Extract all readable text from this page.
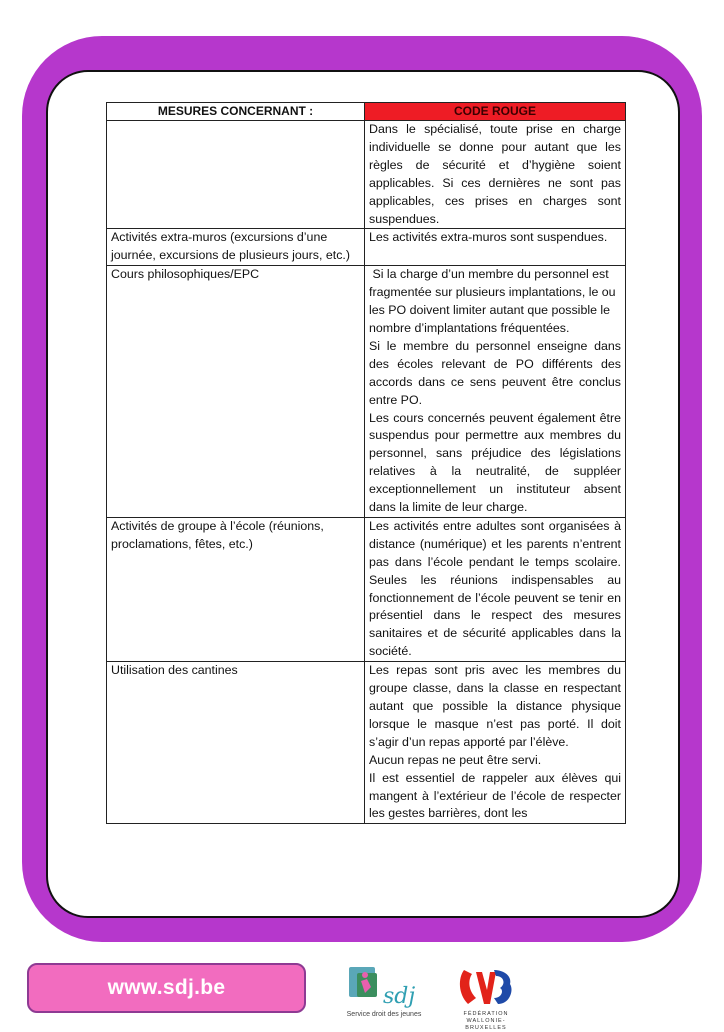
MESURES CONCERNANT :	CODE ROUGE

	Dans le spécialisé, toute prise en charge individuelle se donne pour autant que les règles de sécurité et d’hygiène soient applicables. Si ces dernières ne sont pas applicables, ces prises en charges sont suspendues.

Activités extra-muros (excursions d’une journée, excursions de plusieurs jours, etc.)	Les activités extra-muros sont suspendues.

Cours philosophiques/EPC	Si la charge d’un membre du personnel est fragmentée sur plusieurs implantations, le ou les PO doivent limiter autant que possible le nombre d’implantations fréquentées.

Si le membre du personnel enseigne dans des écoles relevant de PO différents des accords dans ce sens peuvent être conclus entre PO.

Les cours concernés peuvent également être suspendus pour permettre aux membres du personnel, sans préjudice des législations relatives à la neutralité, de suppléer exceptionnellement un instituteur absent dans la limite de leur charge.

Activités de groupe à l’école (réunions, proclamations, fêtes, etc.)	Les activités entre adultes sont organisées à distance (numérique) et les parents n’entrent pas dans l’école pendant le temps scolaire. Seules les réunions indispensables au fonctionnement de l’école peuvent se tenir en présentiel dans le respect des mesures sanitaires et de sécurité applicables dans la société.

Utilisation des cantines	Les repas sont pris avec les membres du groupe classe, dans la classe en respectant autant que possible la distance physique lorsque le masque n’est pas porté. Il doit s’agir d’un repas apporté par l’élève.

Aucun repas ne peut être servi.

Il est essentiel de rappeler aux élèves qui mangent à l’extérieur de l’école de respecter les gestes barrières, dont les

www.sdj.be	sdj
Service droit des jeunes	FÉDÉRATION
WALLONIE-BRUXELLES
